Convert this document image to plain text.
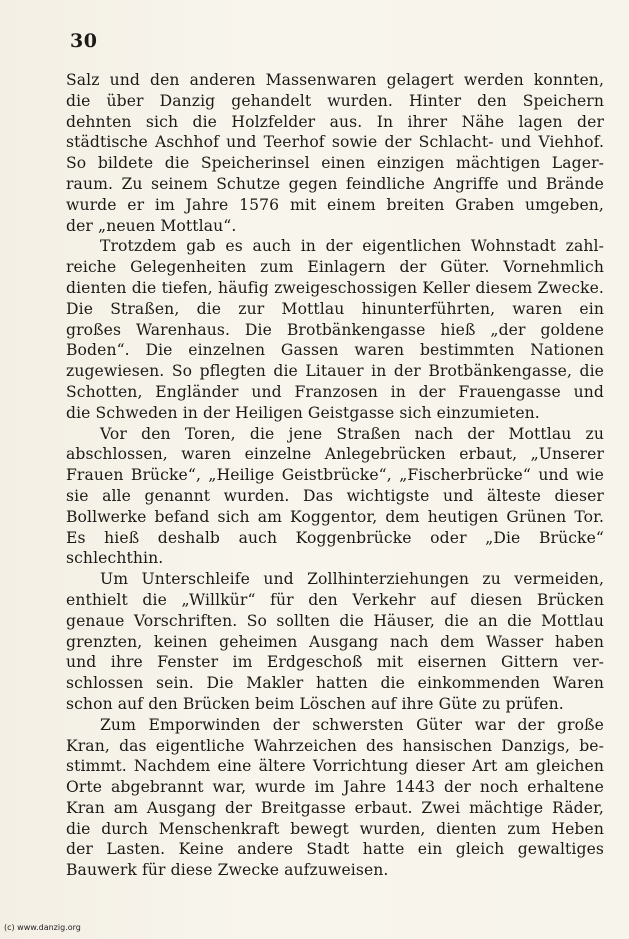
30
Salz und den anderen Massenwaren gelagert werden konnten,
die über Danzig gehandelt wurden. Hinter den Speichern
dehnten sich die Holzfelder aus. In ihrer Nähe lagen der
städtische Aschhof und Teerhof sowie der Schlacht- und Viehhof.
So bildete die Speicherinsel einen einzigen mächtigen Lager-
raum. Zu seinem Schutze gegen feindliche Angriffe und Brände
wurde er im Jahre 1576 mit einem breiten Graben umgeben,
der „neuen Mottlau“.
Trotzdem gab es auch in der eigentlichen Wohnstadt zahl-
reiche Gelegenheiten zum Einlagern der Güter. Vornehmlich
dienten die tiefen, häufig zweigeschossigen Keller diesem Zwecke.
Die Straßen, die zur Mottlau hinunterführten, waren ein
großes Warenhaus. Die Brotbänkengasse hieß „der goldene
Boden“. Die einzelnen Gassen waren bestimmten Nationen
zugewiesen. So pflegten die Litauer in der Brotbänkengasse, die
Schotten, Engländer und Franzosen in der Frauengasse und
die Schweden in der Heiligen Geistgasse sich einzumieten.
Vor den Toren, die jene Straßen nach der Mottlau zu
abschlossen, waren einzelne Anlegebrücken erbaut, „Unserer
Frauen Brücke“, „Heilige Geistbrücke“, „Fischerbrücke“ und wie
sie alle genannt wurden. Das wichtigste und älteste dieser
Bollwerke befand sich am Koggentor, dem heutigen Grünen Tor.
Es hieß deshalb auch Koggenbrücke oder „Die Brücke“
schlechthin.
Um Unterschleife und Zollhinterziehungen zu vermeiden,
enthielt die „Willkür“ für den Verkehr auf diesen Brücken
genaue Vorschriften. So sollten die Häuser, die an die Mottlau
grenzten, keinen geheimen Ausgang nach dem Wasser haben
und ihre Fenster im Erdgeschoß mit eisernen Gittern ver-
schlossen sein. Die Makler hatten die einkommenden Waren
schon auf den Brücken beim Löschen auf ihre Güte zu prüfen.
Zum Emporwinden der schwersten Güter war der große
Kran, das eigentliche Wahrzeichen des hansischen Danzigs, be-
stimmt. Nachdem eine ältere Vorrichtung dieser Art am gleichen
Orte abgebrannt war, wurde im Jahre 1443 der noch erhaltene
Kran am Ausgang der Breitgasse erbaut. Zwei mächtige Räder,
die durch Menschenkraft bewegt wurden, dienten zum Heben
der Lasten. Keine andere Stadt hatte ein gleich gewaltiges
Bauwerk für diese Zwecke aufzuweisen.
(c) www.danzig.org
